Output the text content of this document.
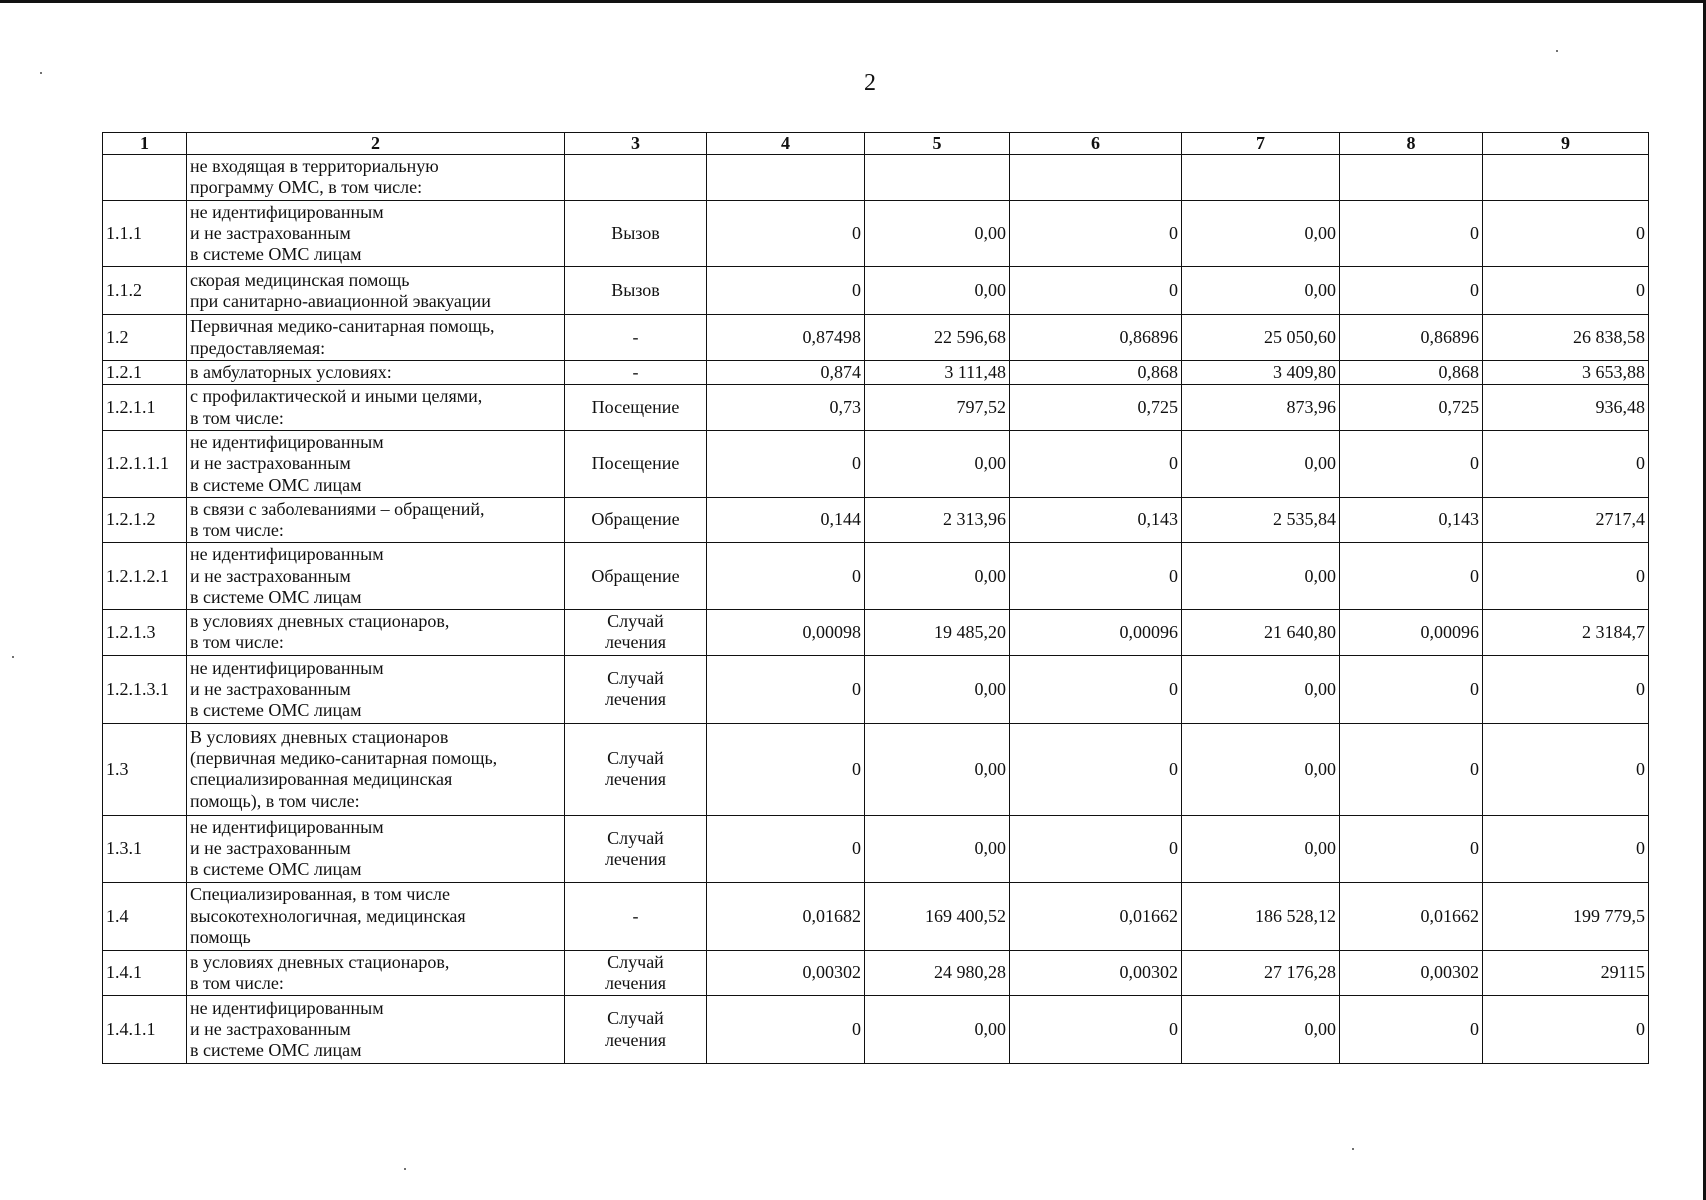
2
1	2	3	4	5	6	7	8	9
	не входящая в территориальную
программу ОМС, в том числе:							
1.1.1	не идентифицированным
и не застрахованным
в системе ОМС лицам	Вызов	0	0,00	0	0,00	0	0
1.1.2	скорая медицинская помощь
при санитарно-авиационной эвакуации	Вызов	0	0,00	0	0,00	0	0
1.2	Первичная медико-санитарная помощь,
предоставляемая:	-	0,87498	22 596,68	0,86896	25 050,60	0,86896	26 838,58
1.2.1	в амбулаторных условиях:	-	0,874	3 111,48	0,868	3 409,80	0,868	3 653,88
1.2.1.1	с профилактической и иными целями,
в том числе:	Посещение	0,73	797,52	0,725	873,96	0,725	936,48
1.2.1.1.1	не идентифицированным
и не застрахованным
в системе ОМС лицам	Посещение	0	0,00	0	0,00	0	0
1.2.1.2	в связи с заболеваниями – обращений,
в том числе:	Обращение	0,144	2 313,96	0,143	2 535,84	0,143	2717,4
1.2.1.2.1	не идентифицированным
и не застрахованным
в системе ОМС лицам	Обращение	0	0,00	0	0,00	0	0
1.2.1.3	в условиях дневных стационаров,
в том числе:	Случай
лечения	0,00098	19 485,20	0,00096	21 640,80	0,00096	2 3184,7
1.2.1.3.1	не идентифицированным
и не застрахованным
в системе ОМС лицам	Случай
лечения	0	0,00	0	0,00	0	0
1.3	В условиях дневных стационаров
(первичная медико-санитарная помощь,
специализированная медицинская
помощь), в том числе:	Случай
лечения	0	0,00	0	0,00	0	0
1.3.1	не идентифицированным
и не застрахованным
в системе ОМС лицам	Случай
лечения	0	0,00	0	0,00	0	0
1.4	Специализированная, в том числе
высокотехнологичная, медицинская
помощь	-	0,01682	169 400,52	0,01662	186 528,12	0,01662	199 779,5
1.4.1	в условиях дневных стационаров,
в том числе:	Случай
лечения	0,00302	24 980,28	0,00302	27 176,28	0,00302	29115
1.4.1.1	не идентифицированным
и не застрахованным
в системе ОМС лицам	Случай
лечения	0	0,00	0	0,00	0	0
